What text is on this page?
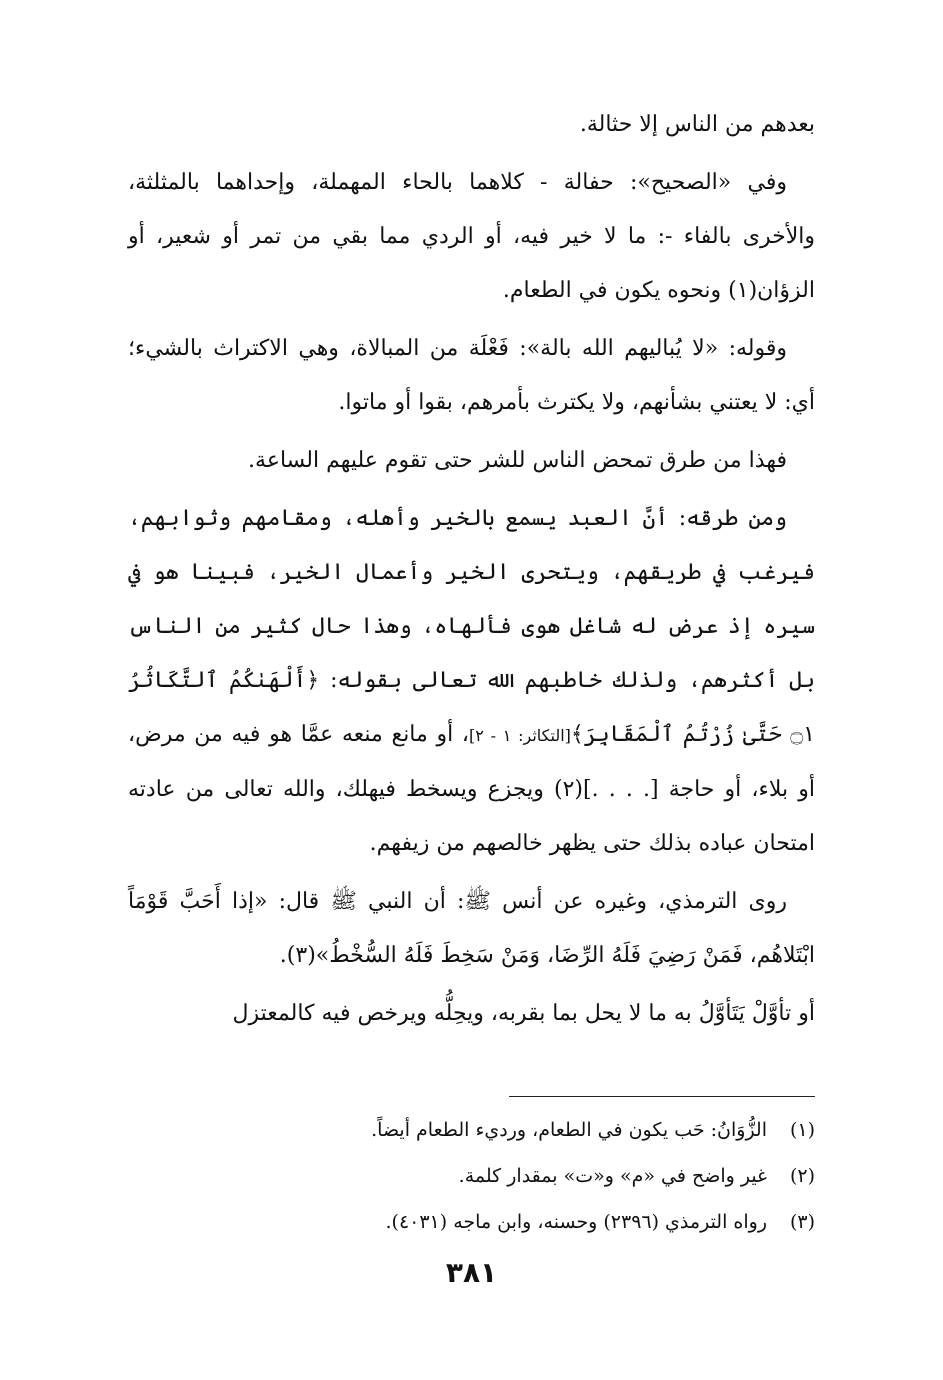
بعدهم من الناس إلا حثالة.

وفي «الصحيح»: حفالة - كلاهما بالحاء المهملة، وإحداهما بالمثلثة، والأخرى بالفاء -: ما لا خير فيه، أو الردي مما بقي من تمر أو شعير، أو الزؤان(١) ونحوه يكون في الطعام.

وقوله: «لا يُباليهم الله بالة»: فَعْلَة من المبالاة، وهي الاكتراث بالشيء؛ أي: لا يعتني بشأنهم، ولا يكترث بأمرهم، بقوا أو ماتوا.

فهذا من طرق تمحض الناس للشر حتى تقوم عليهم الساعة.

ومن طرقه: أنَّ العبد يسمع بالخير وأهله، ومقامهم وثوابهم، فيرغب في طريقهم، ويتحرى الخير وأعمال الخير، فبينا هو في سيره إذ عرض له شاغل هوى فألهاه، وهذا حال كثير من الناس بل أكثرهم، ولذلك خاطبهم الله تعالى بقوله: ﴿أَلْهَىٰكُمُ ٱلتَّكَاثُرُ ۝١ حَتَّىٰ زُرْتُمُ ٱلْمَقَابِرَ﴾[التكاثر: ١ - ٢]، أو مانع منعه عمَّا هو فيه من مرض، أو بلاء، أو حاجة [. . . .](٢) ويجزع ويسخط فيهلك، والله تعالى من عادته امتحان عباده بذلك حتى يظهر خالصهم من زيفهم.

روى الترمذي، وغيره عن أنس ﷺ: أن النبي ﷺ قال: «إذا أَحَبَّ قَوْمَاً ابْتَلاهُم، فَمَنْ رَضِيَ فَلَهُ الرِّضَا، وَمَنْ سَخِطَ فَلَهُ السُّخْطُ»(٣).

أو تأوَّلْ يَتَأوَّلُ به ما لا يحل بما بقربه، ويحِلُّه ويرخص فيه كالمعتزل

(١)الزُّوَانُ: حَب يكون في الطعام، ورديء الطعام أيضاً.
(٢)غير واضح في «م» و«ت» بمقدار كلمة.
(٣)رواه الترمذي (٢٣٩٦) وحسنه، وابن ماجه (٤٠٣١).
٣٨١
